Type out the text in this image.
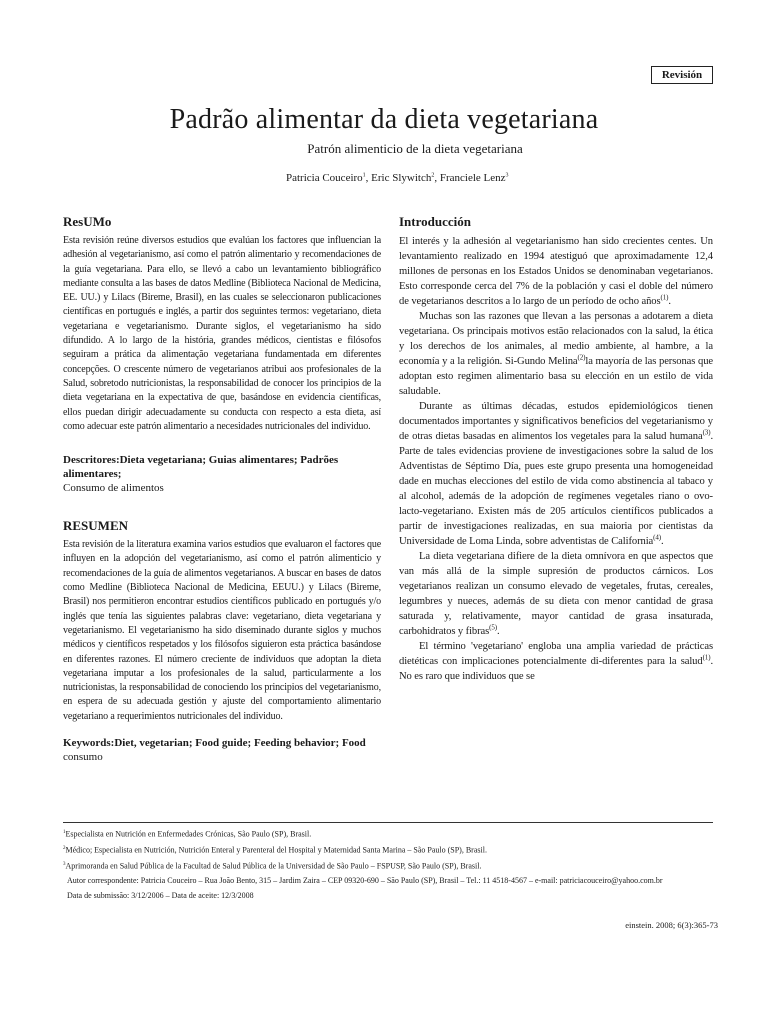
Revisión
Padrão alimentar da dieta vegetariana
Patrón alimenticio de la dieta vegetariana
Patricia Couceiro$^1$, Eric Slywitch$^2$, Franciele Lenz$^3$
ResUMo

Esta revisión reúne diversos estudios que evalúan los factores que influencian la adhesión al vegetarianismo, así como el patrón alimentario y recomendaciones de la guía vegetariana. Para ello, se llevó a cabo un levantamiento bibliográfico mediante consulta a las bases de datos Medline (Biblioteca Nacional de Medicina, EE. UU.) y Lilacs (Bireme, Brasil), en las cuales se seleccionaron publicaciones científicas en portugués e inglés, a partir dos seguintes termos: vegetariano, dieta vegetariana e vegetarianismo. Durante siglos, el vegetarianismo ha sido difundido. A lo largo de la história, grandes médicos, cientistas e filósofos seguiram a prática da alimentação vegetariana fundamentada em diferentes concepções. O crescente número de vegetarianos atribui aos profesionales de la Salud, sobretodo nutricionistas, la responsabilidad de conocer los principios de la dieta vegetariana en la expectativa de que, basándose en evidencia científicas, ellos puedan dirigir adecuadamente su conducta con respecto a esta dieta, así como adecuar este patrón alimentario a necesidades nutricionales del individuo.

Descritores:Dieta vegetariana; Guias alimentares; Padrões alimentares;
Consumo de alimentos

RESUMEN

Esta revisión de la literatura examina varios estudios que evaluaron el factores que influyen en la adopción del vegetarianismo, así como el patrón alimenticio y recomendaciones de la guía de alimentos vegetarianos. A buscar en bases de datos como Medline (Biblioteca Nacional de Medicina, EEUU.) y Lilacs (Bireme, Brasil) nos permitieron encontrar estudios científicos publicado en portugués y/o inglés que tenía las siguientes palabras clave: vegetariano, dieta vegetariana y vegetarianismo. El vegetarianismo ha sido diseminado durante siglos y muchos médicos y científicos respetados y los filósofos siguieron esta práctica basándose en diferentes razones. El número creciente de individuos que adoptan la dieta vegetariana imputar a los profesionales de la salud, particularmente a los nutricionistas, la responsabilidad de conociendo los principios del vegetarianismo, en espera de su adecuada gestión y ajuste del comportamiento alimentario vegetariano a requerimientos nutricionales del individuo.

Keywords:Diet, vegetarian; Food guide; Feeding behavior; Food
consumo

Introducción

El interés y la adhesión al vegetarianismo han sido crecientes centes. Un levantamiento realizado en 1994 atestiguó que aproximadamente 12,4 millones de personas en los Estados Unidos se denominaban vegetarianos. Esto corresponde cerca del 7% de la población y casi el doble del número de vegetarianos descritos a lo largo de un período de ocho años$^{(1)}$.

Muchas son las razones que llevan a las personas a adotarem a dieta vegetariana. Os principais motivos estão relacionados con la salud, la ética y los derechos de los animales, al medio ambiente, al hambre, a la economía y a la religión. Si-Gundo Melina$^{(2)}$la mayoría de las personas que adoptan esto regimen alimentario basa su elección en un estilo de vida saludable.

Durante as últimas décadas, estudos epidemiológicos tienen documentados importantes y significativos beneficios del vegetarianismo y de otras dietas basadas en alimentos los vegetales para la salud humana$^{(3)}$. Parte de tales evidencias proviene de investigaciones sobre la salud de los Adventistas de Séptimo Día, pues este grupo presenta una homogeneidad dade en muchas elecciones del estilo de vida como abstinencia al tabaco y al alcohol, además de la adopción de regímenes vegetales riano o ovo-lacto-vegetariano. Existen más de 205 artículos científicos publicados a partir de investigaciones realizadas, en sua maioria por cientistas da Universidade de Loma Linda, sobre adventistas de California$^{(4)}$.

La dieta vegetariana difiere de la dieta omnívora en que aspectos que van más allá de la simple supresión de productos cárnicos. Los vegetarianos realizan un consumo elevado de vegetales, frutas, cereales, legumbres y nueces, además de su dieta con menor cantidad de grasa saturada y, relativamente, mayor cantidad de grasa insaturada, carbohidratos y fibras$^{(5)}$.

El término 'vegetariano' engloba una amplia variedad de prácticas dietéticas con implicaciones potencialmente di-diferentes para la salud$^{(1)}$. No es raro que individuos que se

$^1$Especialista en Nutrición en Enfermedades Crónicas, São Paulo (SP), Brasil.
$^2$Médico; Especialista en Nutrición, Nutrición Enteral y Parenteral del Hospital y Maternidad Santa Marina – São Paulo (SP), Brasil.
$^3$Aprimoranda en Salud Pública de la Facultad de Salud Pública de la Universidad de São Paulo – FSPUSP, São Paulo (SP), Brasil.
Autor correspondente: Patricia Couceiro – Rua João Bento, 315 – Jardim Zaira – CEP 09320-690 – São Paulo (SP), Brasil – Tel.: 11 4518-4567 – e-mail: patriciacouceiro@yahoo.com.br
Data de submissão: 3/12/2006 – Data de aceite: 12/3/2008
einstein. 2008; 6(3):365-73
